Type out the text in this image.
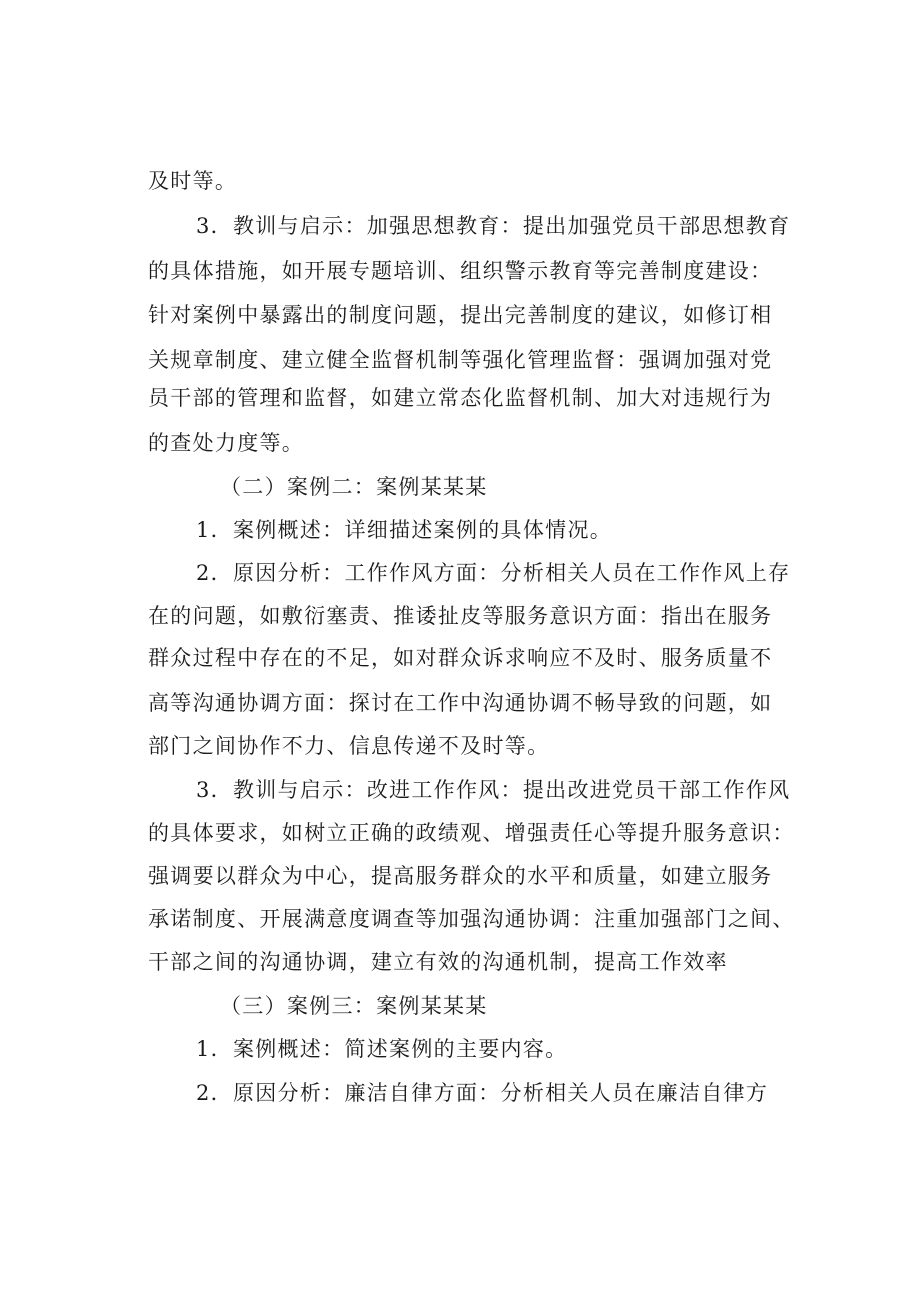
及时等。
3．教训与启示：加强思想教育：提出加强党员干部思想教育
的具体措施，如开展专题培训、组织警示教育等完善制度建设：
针对案例中暴露出的制度问题，提出完善制度的建议，如修订相
关规章制度、建立健全监督机制等强化管理监督：强调加强对党
员干部的管理和监督，如建立常态化监督机制、加大对违规行为
的查处力度等。
（二）案例二：案例某某某
1．案例概述：详细描述案例的具体情况。
2．原因分析：工作作风方面：分析相关人员在工作作风上存
在的问题，如敷衍塞责、推诿扯皮等服务意识方面：指出在服务
群众过程中存在的不足，如对群众诉求响应不及时、服务质量不
高等沟通协调方面：探讨在工作中沟通协调不畅导致的问题，如
部门之间协作不力、信息传递不及时等。
3．教训与启示：改进工作作风：提出改进党员干部工作作风
的具体要求，如树立正确的政绩观、增强责任心等提升服务意识：
强调要以群众为中心，提高服务群众的水平和质量，如建立服务
承诺制度、开展满意度调查等加强沟通协调：注重加强部门之间、
干部之间的沟通协调，建立有效的沟通机制，提高工作效率
（三）案例三：案例某某某
1．案例概述：简述案例的主要内容。
2．原因分析：廉洁自律方面：分析相关人员在廉洁自律方
